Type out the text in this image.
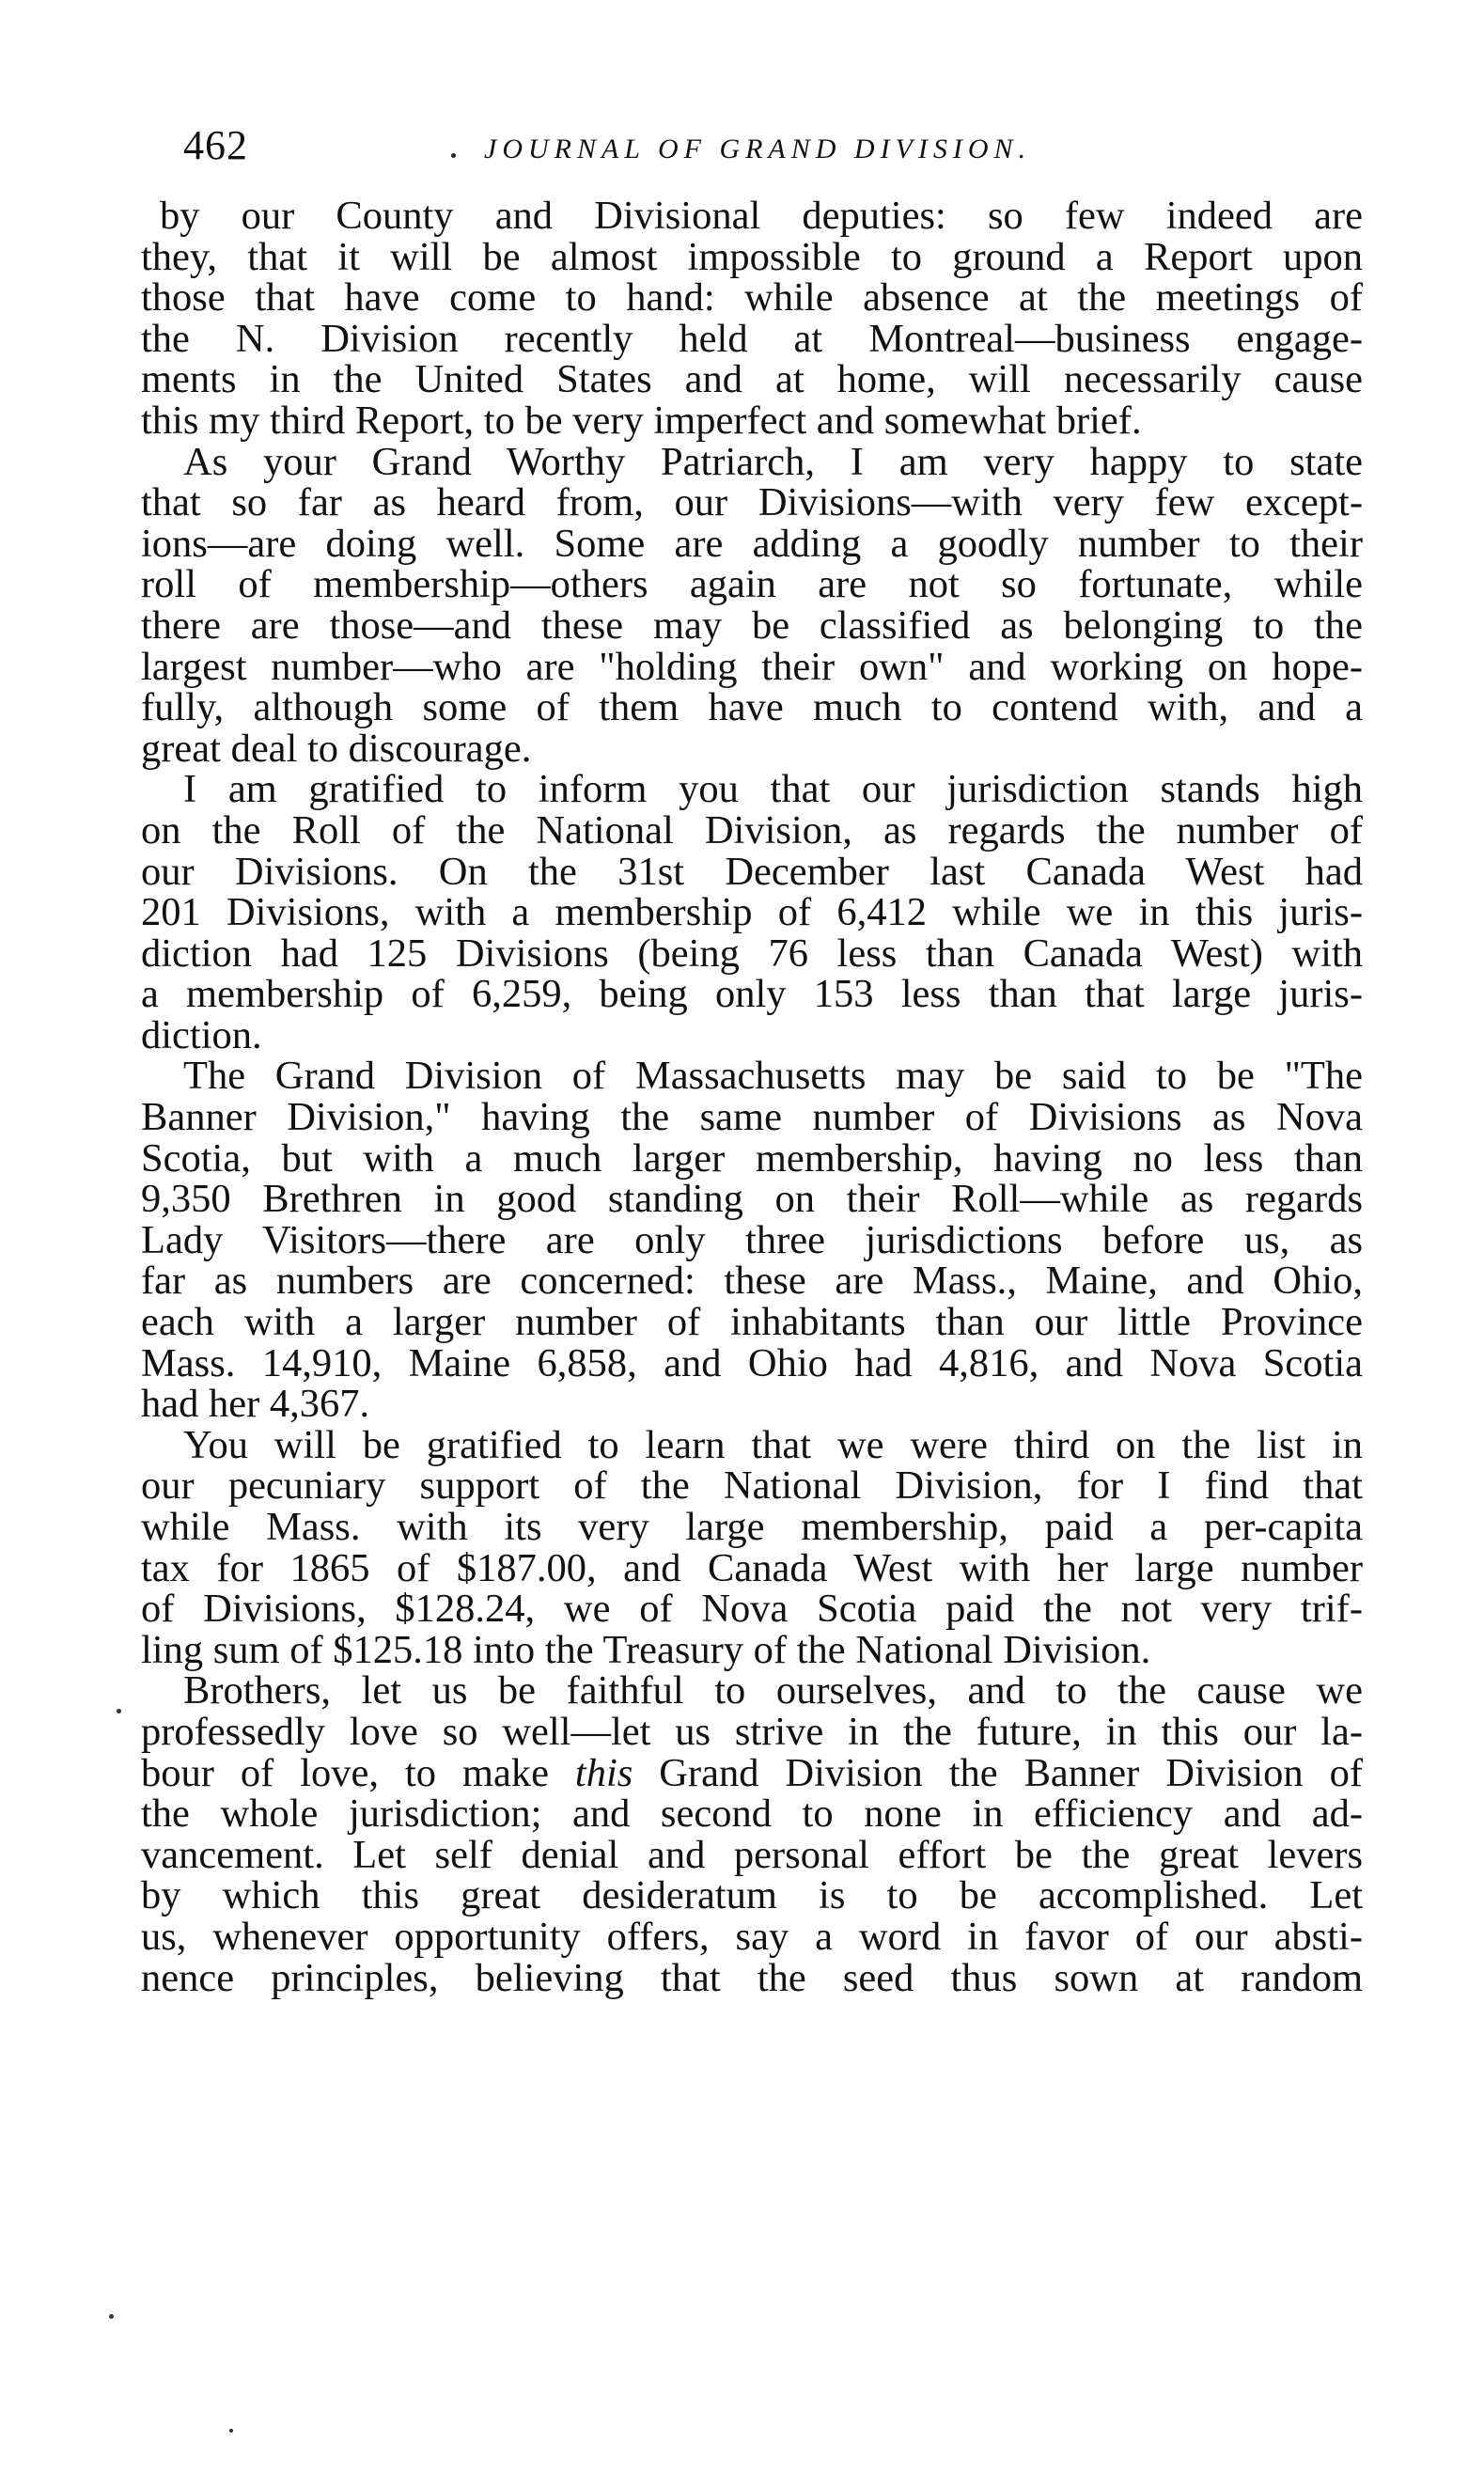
462	JOURNAL OF GRAND DIVISION.
by our County and Divisional deputies: so few indeed are
they, that it will be almost impossible to ground a Report upon
those that have come to hand: while absence at the meetings of
the N. Division recently held at Montreal—business engage-
ments in the United States and at home, will necessarily cause
this my third Report, to be very imperfect and somewhat brief.
As your Grand Worthy Patriarch, I am very happy to state
that so far as heard from, our Divisions—with very few except-
ions—are doing well. Some are adding a goodly number to their
roll of membership—others again are not so fortunate, while
there are those—and these may be classified as belonging to the
largest number—who are "holding their own" and working on hope-
fully, although some of them have much to contend with, and a
great deal to discourage.
I am gratified to inform you that our jurisdiction stands high
on the Roll of the National Division, as regards the number of
our Divisions. On the 31st December last Canada West had
201 Divisions, with a membership of 6,412 while we in this juris-
diction had 125 Divisions (being 76 less than Canada West) with
a membership of 6,259, being only 153 less than that large juris-
diction.
The Grand Division of Massachusetts may be said to be "The
Banner Division," having the same number of Divisions as Nova
Scotia, but with a much larger membership, having no less than
9,350 Brethren in good standing on their Roll—while as regards
Lady Visitors—there are only three jurisdictions before us, as
far as numbers are concerned: these are Mass., Maine, and Ohio,
each with a larger number of inhabitants than our little Province
Mass. 14,910, Maine 6,858, and Ohio had 4,816, and Nova Scotia
had her 4,367.
You will be gratified to learn that we were third on the list in
our pecuniary support of the National Division, for I find that
while Mass. with its very large membership, paid a per-capita
tax for 1865 of $187.00, and Canada West with her large number
of Divisions, $128.24, we of Nova Scotia paid the not very trif-
ling sum of $125.18 into the Treasury of the National Division.
Brothers, let us be faithful to ourselves, and to the cause we
professedly love so well—let us strive in the future, in this our la-
bour of love, to make this Grand Division the Banner Division of
the whole jurisdiction; and second to none in efficiency and ad-
vancement. Let self denial and personal effort be the great levers
by which this great desideratum is to be accomplished. Let
us, whenever opportunity offers, say a word in favor of our absti-
nence principles, believing that the seed thus sown at random
